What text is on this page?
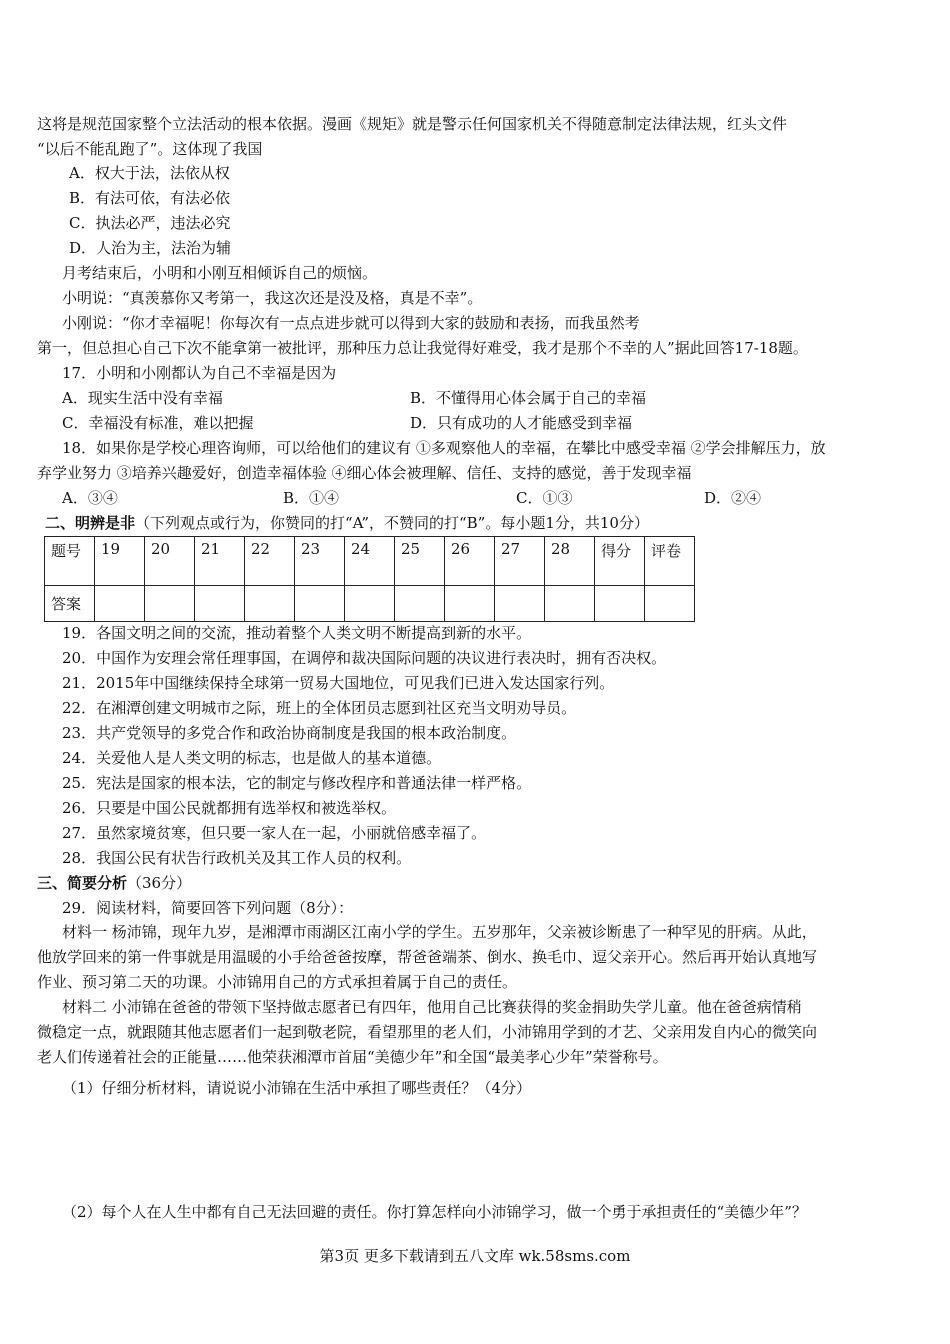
这将是规范国家整个立法活动的根本依据。漫画《规矩》就是警示任何国家机关不得随意制定法律法规，红头文件
“以后不能乱跑了”。这体现了我国
A．权大于法，法依从权
B．有法可依，有法必依
C．执法必严，违法必究
D．人治为主，法治为辅
月考结束后，小明和小刚互相倾诉自己的烦恼。
小明说：“真羡慕你又考第一，我这次还是没及格，真是不幸”。
小刚说：“你才幸福呢！你每次有一点点进步就可以得到大家的鼓励和表扬，而我虽然考
第一，但总担心自己下次不能拿第一被批评，那种压力总让我觉得好难受，我才是那个不幸的人”据此回答17-18题。
17．小明和小刚都认为自己不幸福是因为
A．现实生活中没有幸福	B．不懂得用心体会属于自己的幸福
C．幸福没有标准，难以把握	D．只有成功的人才能感受到幸福
18．如果你是学校心理咨询师，可以给他们的建议有 ①多观察他人的幸福，在攀比中感受幸福 ②学会排解压力，放
弃学业努力 ③培养兴趣爱好，创造幸福体验 ④细心体会被理解、信任、支持的感觉，善于发现幸福
A．③④	B．①④	C．①③	D．②④
二、明辨是非（下列观点或行为，你赞同的打“A”，不赞同的打“B”。每小题1分，共10分）
题号	19	20	21	22	23	24	25	26	27	28	得分	评卷
答案												
19．各国文明之间的交流，推动着整个人类文明不断提高到新的水平。
20．中国作为安理会常任理事国，在调停和裁决国际问题的决议进行表决时，拥有否决权。
21．2015年中国继续保持全球第一贸易大国地位，可见我们已进入发达国家行列。
22．在湘潭创建文明城市之际，班上的全体团员志愿到社区充当文明劝导员。
23．共产党领导的多党合作和政治协商制度是我国的根本政治制度。
24．关爱他人是人类文明的标志，也是做人的基本道德。
25．宪法是国家的根本法，它的制定与修改程序和普通法律一样严格。
26．只要是中国公民就都拥有选举权和被选举权。
27．虽然家境贫寒，但只要一家人在一起，小丽就倍感幸福了。
28．我国公民有状告行政机关及其工作人员的权利。
三、简要分析（36分）
29．阅读材料，简要回答下列问题（8分）：
材料一 杨沛锦，现年九岁，是湘潭市雨湖区江南小学的学生。五岁那年，父亲被诊断患了一种罕见的肝病。从此，
他放学回来的第一件事就是用温暖的小手给爸爸按摩，帮爸爸端茶、倒水、换毛巾、逗父亲开心。然后再开始认真地写
作业、预习第二天的功课。小沛锦用自己的方式承担着属于自己的责任。
材料二 小沛锦在爸爸的带领下坚持做志愿者已有四年，他用自己比赛获得的奖金捐助失学儿童。他在爸爸病情稍
微稳定一点，就跟随其他志愿者们一起到敬老院，看望那里的老人们，小沛锦用学到的才艺、父亲用发自内心的微笑向
老人们传递着社会的正能量……他荣获湘潭市首届“美德少年”和全国“最美孝心少年”荣誉称号。
（1）仔细分析材料，请说说小沛锦在生活中承担了哪些责任？（4分）
（2）每个人在人生中都有自己无法回避的责任。你打算怎样向小沛锦学习，做一个勇于承担责任的“美德少年”？
第3页 更多下载请到五八文库 wk.58sms.com
